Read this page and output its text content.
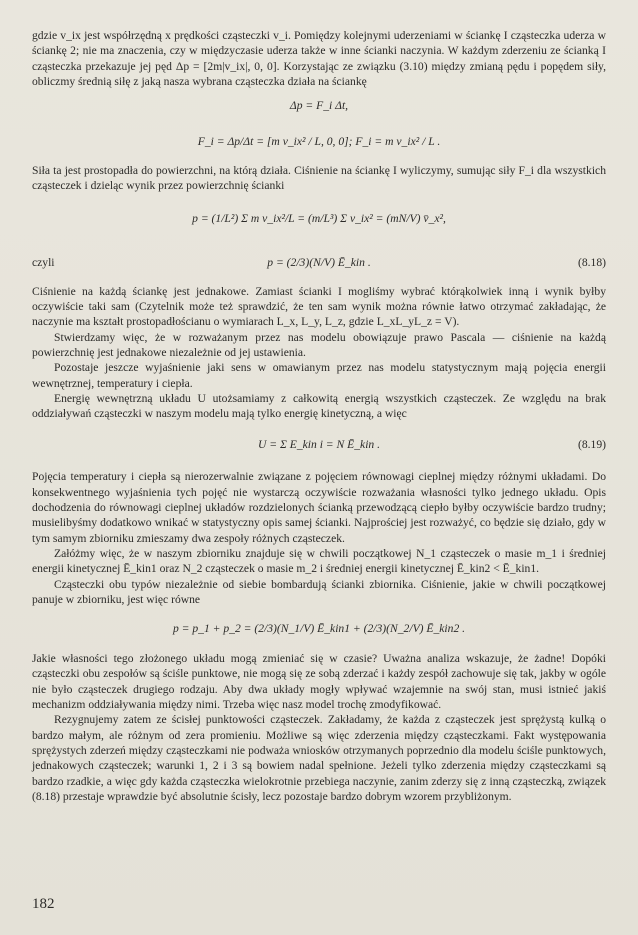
gdzie v_ix jest współrzędną x prędkości cząsteczki v_i. Pomiędzy kolejnymi uderzeniami w ściankę I cząsteczka uderza w ściankę 2; nie ma znaczenia, czy w międzyczasie uderza także w inne ścianki naczynia. W każdym zderzeniu ze ścianką I cząsteczka przekazuje jej pęd Δp = [2m|v_ix|, 0, 0]. Korzystając ze związku (3.10) między zmianą pędu i popędem siły, obliczmy średnią siłę z jaką nasza wybrana cząsteczka działa na ściankę

Δp = F_i Δt,
F_i = Δp/Δt = [m v_ix² / L, 0, 0]; F_i = m v_ix² / L .

Siła ta jest prostopadła do powierzchni, na którą działa. Ciśnienie na ściankę I wyliczymy, sumując siły F_i dla wszystkich cząsteczek i dzieląc wynik przez powierzchnię ścianki

p = (1/L²) Σ m v_ix²/L = (m/L³) Σ v_ix² = (mN/V) v̄_x²,
czyli	p = (2/3)(N/V) Ē_kin .	(8.18)

Ciśnienie na każdą ściankę jest jednakowe. Zamiast ścianki I mogliśmy wybrać którąkolwiek inną i wynik byłby oczywiście taki sam (Czytelnik może też sprawdzić, że ten sam wynik można równie łatwo otrzymać zakładając, że naczynie ma kształt prostopadłościanu o wymiarach L_x, L_y, L_z, gdzie L_xL_yL_z = V).

Stwierdzamy więc, że w rozważanym przez nas modelu obowiązuje prawo Pascala — ciśnienie na każdą powierzchnię jest jednakowe niezależnie od jej ustawienia.

Pozostaje jeszcze wyjaśnienie jaki sens w omawianym przez nas modelu statystycznym mają pojęcia energii wewnętrznej, temperatury i ciepła.

Energię wewnętrzną układu U utożsamiamy z całkowitą energią wszystkich cząsteczek. Ze względu na brak oddziaływań cząsteczki w naszym modelu mają tylko energię kinetyczną, a więc

U = Σ E_kin i = N Ē_kin .	(8.19)

Pojęcia temperatury i ciepła są nierozerwalnie związane z pojęciem równowagi cieplnej między różnymi układami. Do konsekwentnego wyjaśnienia tych pojęć nie wystarczą oczywiście rozważania własności tylko jednego układu. Opis dochodzenia do równowagi cieplnej układów rozdzielonych ścianką przewodzącą ciepło byłby oczywiście bardzo trudny; musielibyśmy dodatkowo wnikać w statystyczny opis samej ścianki. Najprościej jest rozważyć, co będzie się działo, gdy w tym samym zbiorniku zmieszamy dwa zespoły różnych cząsteczek.

Załóżmy więc, że w naszym zbiorniku znajduje się w chwili początkowej N_1 cząsteczek o masie m_1 i średniej energii kinetycznej Ē_kin1 oraz N_2 cząsteczek o masie m_2 i średniej energii kinetycznej Ē_kin2 < Ē_kin1.

Cząsteczki obu typów niezależnie od siebie bombardują ścianki zbiornika. Ciśnienie, jakie w chwili początkowej panuje w zbiorniku, jest więc równe

p = p_1 + p_2 = (2/3)(N_1/V) Ē_kin1 + (2/3)(N_2/V) Ē_kin2 .

Jakie własności tego złożonego układu mogą zmieniać się w czasie? Uważna analiza wskazuje, że żadne! Dopóki cząsteczki obu zespołów są ściśle punktowe, nie mogą się ze sobą zderzać i każdy zespół zachowuje się tak, jakby w ogóle nie było cząsteczek drugiego rodzaju. Aby dwa układy mogły wpływać wzajemnie na swój stan, musi istnieć jakiś mechanizm oddziaływania między nimi. Trzeba więc nasz model trochę zmodyfikować.

Rezygnujemy zatem ze ścisłej punktowości cząsteczek. Zakładamy, że każda z cząsteczek jest sprężystą kulką o bardzo małym, ale różnym od zera promieniu. Możliwe są więc zderzenia między cząsteczkami. Fakt występowania sprężystych zderzeń między cząsteczkami nie podważa wniosków otrzymanych poprzednio dla modelu ściśle punktowych, jednakowych cząsteczek; warunki 1, 2 i 3 są bowiem nadal spełnione. Jeżeli tylko zderzenia między cząsteczkami są bardzo rzadkie, a więc gdy każda cząsteczka wielokrotnie przebiega naczynie, zanim zderzy się z inną cząsteczką, związek (8.18) przestaje wprawdzie być absolutnie ścisły, lecz pozostaje bardzo dobrym wzorem przybliżonym.

182
